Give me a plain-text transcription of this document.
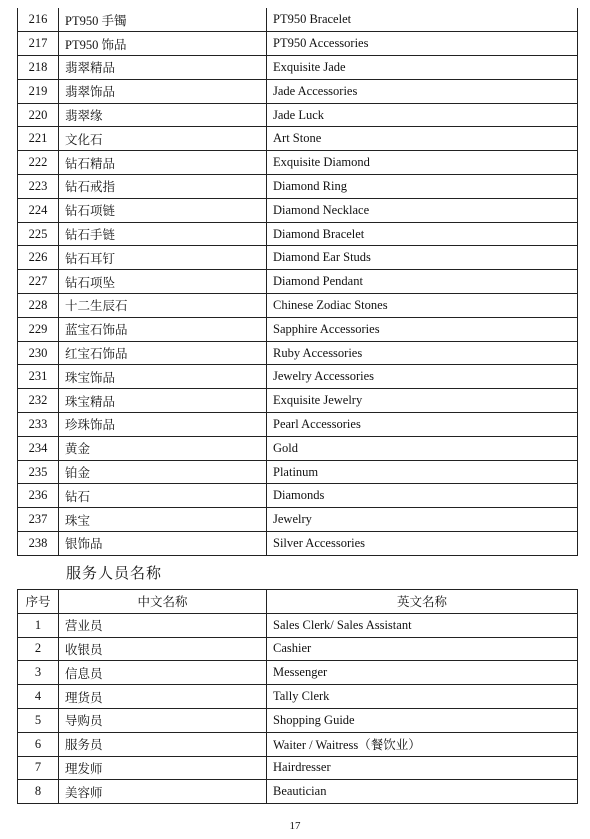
216	PT950 手镯	PT950 Bracelet
217	PT950 饰品	PT950 Accessories
218	翡翠精品	Exquisite Jade
219	翡翠饰品	Jade Accessories
220	翡翠缘	Jade Luck
221	文化石	Art Stone
222	钻石精品	Exquisite Diamond
223	钻石戒指	Diamond Ring
224	钻石项链	Diamond Necklace
225	钻石手链	Diamond Bracelet
226	钻石耳钉	Diamond Ear Studs
227	钻石项坠	Diamond Pendant
228	十二生辰石	Chinese Zodiac Stones
229	蓝宝石饰品	Sapphire Accessories
230	红宝石饰品	Ruby Accessories
231	珠宝饰品	Jewelry Accessories
232	珠宝精品	Exquisite Jewelry
233	珍珠饰品	Pearl Accessories
234	黄金	Gold
235	铂金	Platinum
236	钻石	Diamonds
237	珠宝	Jewelry
238	银饰品	Silver Accessories
服务人员名称
序号	中文名称	英文名称
1	营业员	Sales Clerk/ Sales Assistant
2	收银员	Cashier
3	信息员	Messenger
4	理货员	Tally Clerk
5	导购员	Shopping Guide
6	服务员	Waiter / Waitress（餐饮业）
7	理发师	Hairdresser
8	美容师	Beautician
17
